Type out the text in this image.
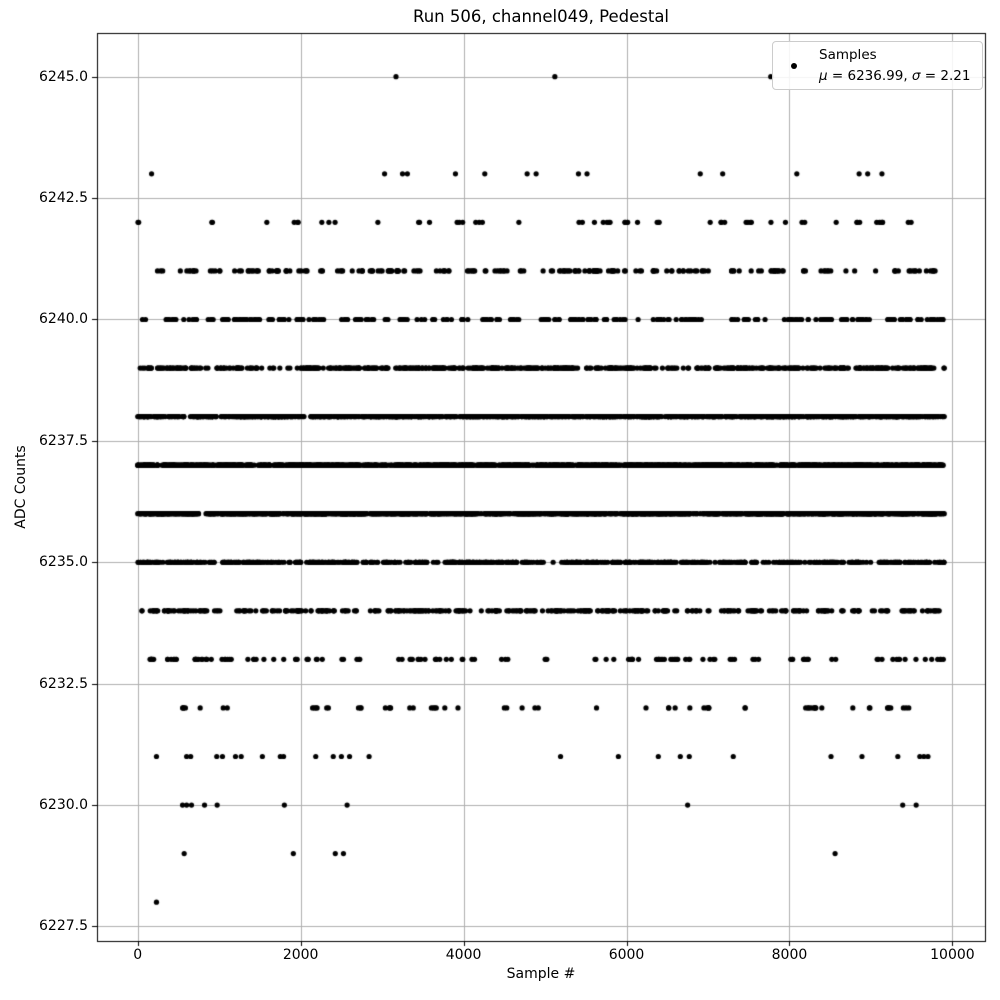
Run 506, channel049, Pedestal
Sample #
ADC Counts
0	2000	4000	6000	8000	10000
6227.5
6230.0
6232.5
6235.0
6237.5
6240.0
6242.5
6245.0
Samples
μ = 6236.99, σ = 2.21
